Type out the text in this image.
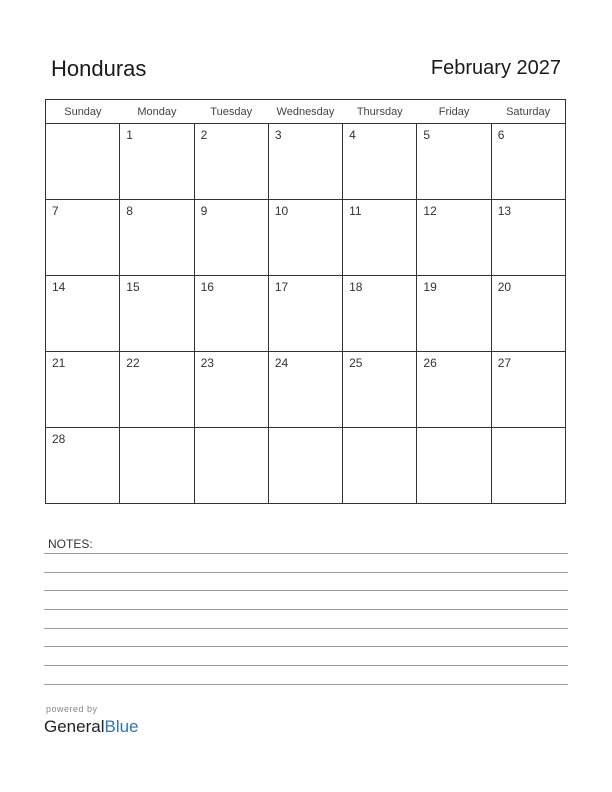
Honduras	February 2027
Sunday	Monday	Tuesday	Wednesday	Thursday	Friday	Saturday
	1	2	3	4	5	6
7	8	9	10	11	12	13
14	15	16	17	18	19	20
21	22	23	24	25	26	27
28						
NOTES:
powered by
GeneralBlue
